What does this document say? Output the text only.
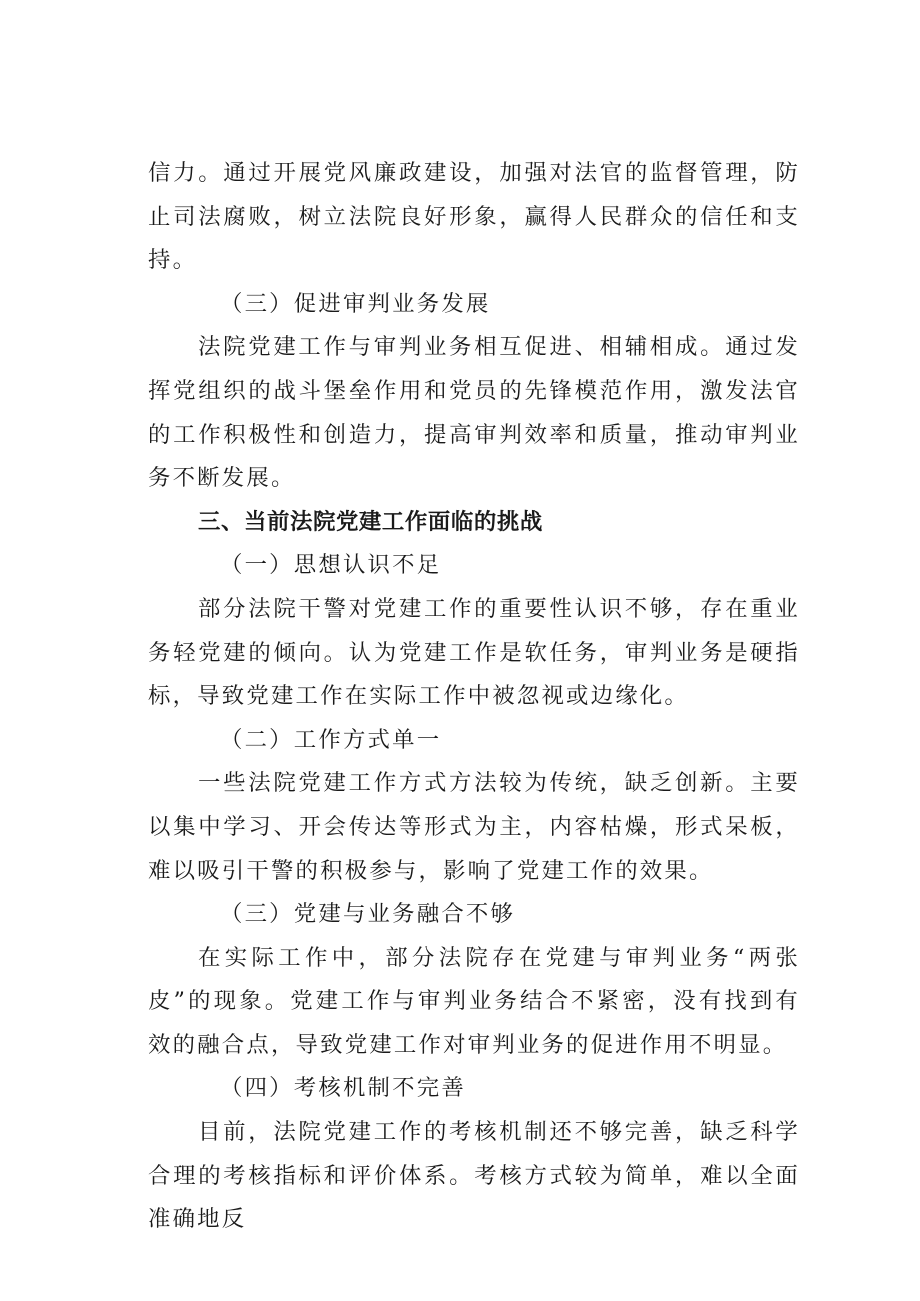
信力。通过开展党风廉政建设，加强对法官的监督管理，防止司法腐败，树立法院良好形象，赢得人民群众的信任和支持。

（三）促进审判业务发展

法院党建工作与审判业务相互促进、相辅相成。通过发挥党组织的战斗堡垒作用和党员的先锋模范作用，激发法官的工作积极性和创造力，提高审判效率和质量，推动审判业务不断发展。

三、当前法院党建工作面临的挑战

（一）思想认识不足

部分法院干警对党建工作的重要性认识不够，存在重业务轻党建的倾向。认为党建工作是软任务，审判业务是硬指标，导致党建工作在实际工作中被忽视或边缘化。

（二）工作方式单一

一些法院党建工作方式方法较为传统，缺乏创新。主要以集中学习、开会传达等形式为主，内容枯燥，形式呆板，难以吸引干警的积极参与，影响了党建工作的效果。

（三）党建与业务融合不够

在实际工作中，部分法院存在党建与审判业务“两张皮”的现象。党建工作与审判业务结合不紧密，没有找到有效的融合点，导致党建工作对审判业务的促进作用不明显。

（四）考核机制不完善

目前，法院党建工作的考核机制还不够完善，缺乏科学合理的考核指标和评价体系。考核方式较为简单，难以全面准确地反
